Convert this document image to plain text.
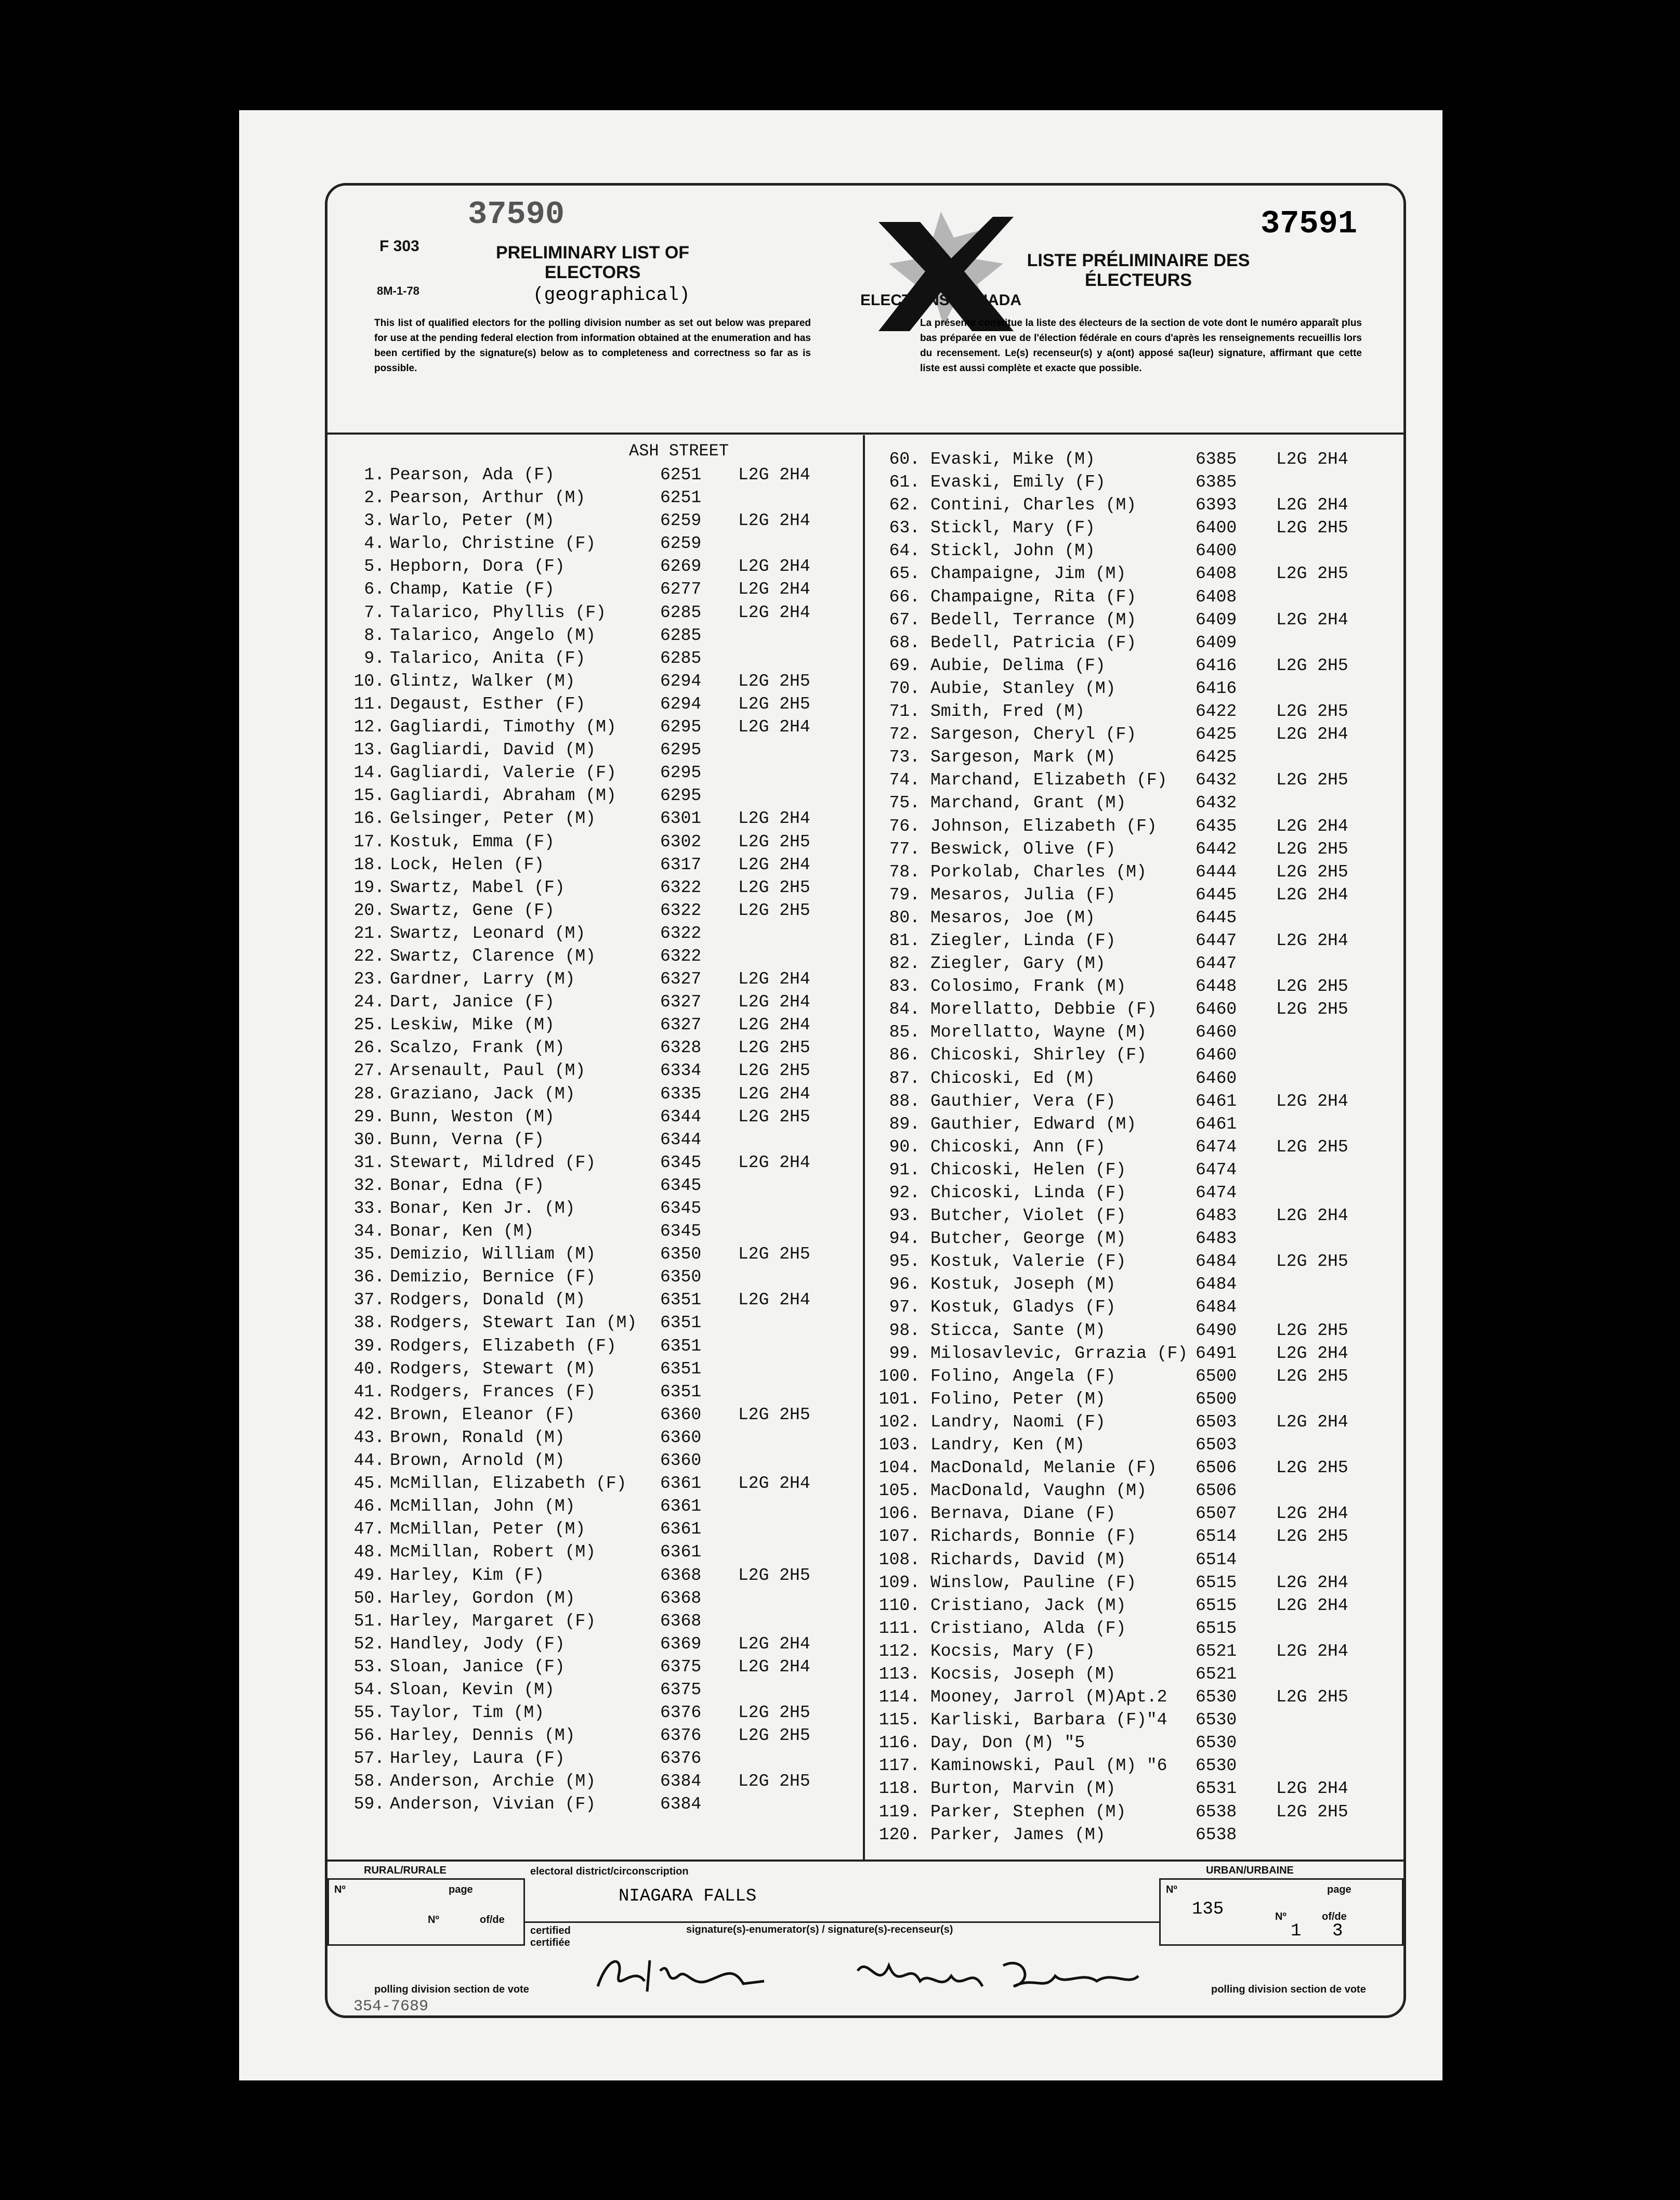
F 303
8M-1-78
37590	37591
PRELIMINARY LIST OF ELECTORS
(geographical)
LISTE PRÉLIMINAIRE DES ÉLECTEURS
ELECTIONS CANADA
This list of qualified electors for the polling division number as set out below was prepared for use at the pending federal election from information obtained at the enumeration and has been certified by the signature(s) below as to completeness and correctness so far as is possible.
La présente constitue la liste des électeurs de la section de vote dont le numéro apparaît plus bas préparée en vue de l'élection fédérale en cours d'après les renseignements recueillis lors du recensement. Le(s) recenseur(s) y a(ont) apposé sa(leur) signature, affirmant que cette liste est aussi complète et exacte que possible.
ASH STREET
1. Pearson, Ada (F)	6251 L2G 2H4
2. Pearson, Arthur (M)	6251
3. Warlo, Peter (M)	6259 L2G 2H4
4. Warlo, Christine (F)	6259
5. Hepborn, Dora (F)	6269 L2G 2H4
6. Champ, Katie (F)	6277 L2G 2H4
7. Talarico, Phyllis (F)	6285 L2G 2H4
8. Talarico, Angelo (M)	6285
9. Talarico, Anita (F)	6285
10. Glintz, Walker (M)	6294 L2G 2H5
11. Degaust, Esther (F)	6294 L2G 2H5
12. Gagliardi, Timothy (M)	6295 L2G 2H4
13. Gagliardi, David (M)	6295
14. Gagliardi, Valerie (F)	6295
15. Gagliardi, Abraham (M)	6295
16. Gelsinger, Peter (M)	6301 L2G 2H4
17. Kostuk, Emma (F)	6302 L2G 2H5
18. Lock, Helen (F)	6317 L2G 2H4
19. Swartz, Mabel (F)	6322 L2G 2H5
20. Swartz, Gene (F)	6322 L2G 2H5
21. Swartz, Leonard (M)	6322
22. Swartz, Clarence (M)	6322
23. Gardner, Larry (M)	6327 L2G 2H4
24. Dart, Janice (F)	6327 L2G 2H4
25. Leskiw, Mike (M)	6327 L2G 2H4
26. Scalzo, Frank (M)	6328 L2G 2H5
27. Arsenault, Paul (M)	6334 L2G 2H5
28. Graziano, Jack (M)	6335 L2G 2H4
29. Bunn, Weston (M)	6344 L2G 2H5
30. Bunn, Verna (F)	6344
31. Stewart, Mildred (F)	6345 L2G 2H4
32. Bonar, Edna (F)	6345
33. Bonar, Ken Jr. (M)	6345
34. Bonar, Ken (M)	6345
35. Demizio, William (M)	6350 L2G 2H5
36. Demizio, Bernice (F)	6350
37. Rodgers, Donald (M)	6351 L2G 2H4
38. Rodgers, Stewart Ian (M) 6351
39. Rodgers, Elizabeth (F)	6351
40. Rodgers, Stewart (M)	6351
41. Rodgers, Frances (F)	6351
42. Brown, Eleanor (F)	6360 L2G 2H5
43. Brown, Ronald (M)	6360
44. Brown, Arnold (M)	6360
45. McMillan, Elizabeth (F) 6361 L2G 2H4
46. McMillan, John (M)	6361
47. McMillan, Peter (M)	6361
48. McMillan, Robert (M)	6361
49. Harley, Kim (F)	6368 L2G 2H5
50. Harley, Gordon (M)	6368
51. Harley, Margaret (F)	6368
52. Handley, Jody (F)	6369 L2G 2H4
53. Sloan, Janice (F)	6375 L2G 2H4
54. Sloan, Kevin (M)	6375
55. Taylor, Tim (M)	6376 L2G 2H5
56. Harley, Dennis (M)	6376 L2G 2H5
57. Harley, Laura (F)	6376
58. Anderson, Archie (M)	6384 L2G 2H5
59. Anderson, Vivian (F)	6384
60. Evaski, Mike (M)	6385 L2G 2H4
61. Evaski, Emily (F)	6385
62. Contini, Charles (M)	6393 L2G 2H4
63. Stickl, Mary (F)	6400 L2G 2H5
64. Stickl, John (M)	6400
65. Champaigne, Jim (M)	6408 L2G 2H5
66. Champaigne, Rita (F)	6408
67. Bedell, Terrance (M)	6409 L2G 2H4
68. Bedell, Patricia (F)	6409
69. Aubie, Delima (F)	6416 L2G 2H5
70. Aubie, Stanley (M)	6416
71. Smith, Fred (M)	6422 L2G 2H5
72. Sargeson, Cheryl (F)	6425 L2G 2H4
73. Sargeson, Mark (M)	6425
74. Marchand, Elizabeth (F) 6432 L2G 2H5
75. Marchand, Grant (M)	6432
76. Johnson, Elizabeth (F) 6435 L2G 2H4
77. Beswick, Olive (F)	6442 L2G 2H5
78. Porkolab, Charles (M)	6444 L2G 2H5
79. Mesaros, Julia (F)	6445 L2G 2H4
80. Mesaros, Joe (M)	6445
81. Ziegler, Linda (F)	6447 L2G 2H4
82. Ziegler, Gary (M)	6447
83. Colosimo, Frank (M)	6448 L2G 2H5
84. Morellatto, Debbie (F) 6460 L2G 2H5
85. Morellatto, Wayne (M)	6460
86. Chicoski, Shirley (F)	6460
87. Chicoski, Ed (M)	6460
88. Gauthier, Vera (F)	6461 L2G 2H4
89. Gauthier, Edward (M)	6461
90. Chicoski, Ann (F)	6474 L2G 2H5
91. Chicoski, Helen (F)	6474
92. Chicoski, Linda (F)	6474
93. Butcher, Violet (F)	6483 L2G 2H4
94. Butcher, George (M)	6483
95. Kostuk, Valerie (F)	6484 L2G 2H5
96. Kostuk, Joseph (M)	6484
97. Kostuk, Gladys (F)	6484
98. Sticca, Sante (M)	6490 L2G 2H5
99. Milosavlevic, Grrazia (F) 6491 L2G 2H4
100. Folino, Angela (F)	6500 L2G 2H5
101. Folino, Peter (M)	6500
102. Landry, Naomi (F)	6503 L2G 2H4
103. Landry, Ken (M)	6503
104. MacDonald, Melanie (F) 6506 L2G 2H5
105. MacDonald, Vaughn (M)	6506
106. Bernava, Diane (F)	6507 L2G 2H4
107. Richards, Bonnie (F)	6514 L2G 2H5
108. Richards, David (M)	6514
109. Winslow, Pauline (F)	6515 L2G 2H4
110. Cristiano, Jack (M)	6515 L2G 2H4
111. Cristiano, Alda (F)	6515
112. Kocsis, Mary (F)	6521 L2G 2H4
113. Kocsis, Joseph (M)	6521
114. Mooney, Jarrol (M)Apt.2 6530 L2G 2H5
115. Karliski, Barbara (F)"4 6530
116. Day, Don (M) "5	6530
117. Kaminowski, Paul (M) "6 6530
118. Burton, Marvin (M)	6531 L2G 2H4
119. Parker, Stephen (M)	6538 L2G 2H5
120. Parker, James (M)	6538
RURAL/RURALE
Nº	page
Nº	of/de
polling division section de vote
354-7689
electoral district/circonscription
NIAGARA FALLS
certified certifiée
signature(s)-enumerator(s) / signature(s)-recenseur(s)
URBAN/URBAINE
Nº
135
page
Nº	of/de
1 3
polling division section de vote
